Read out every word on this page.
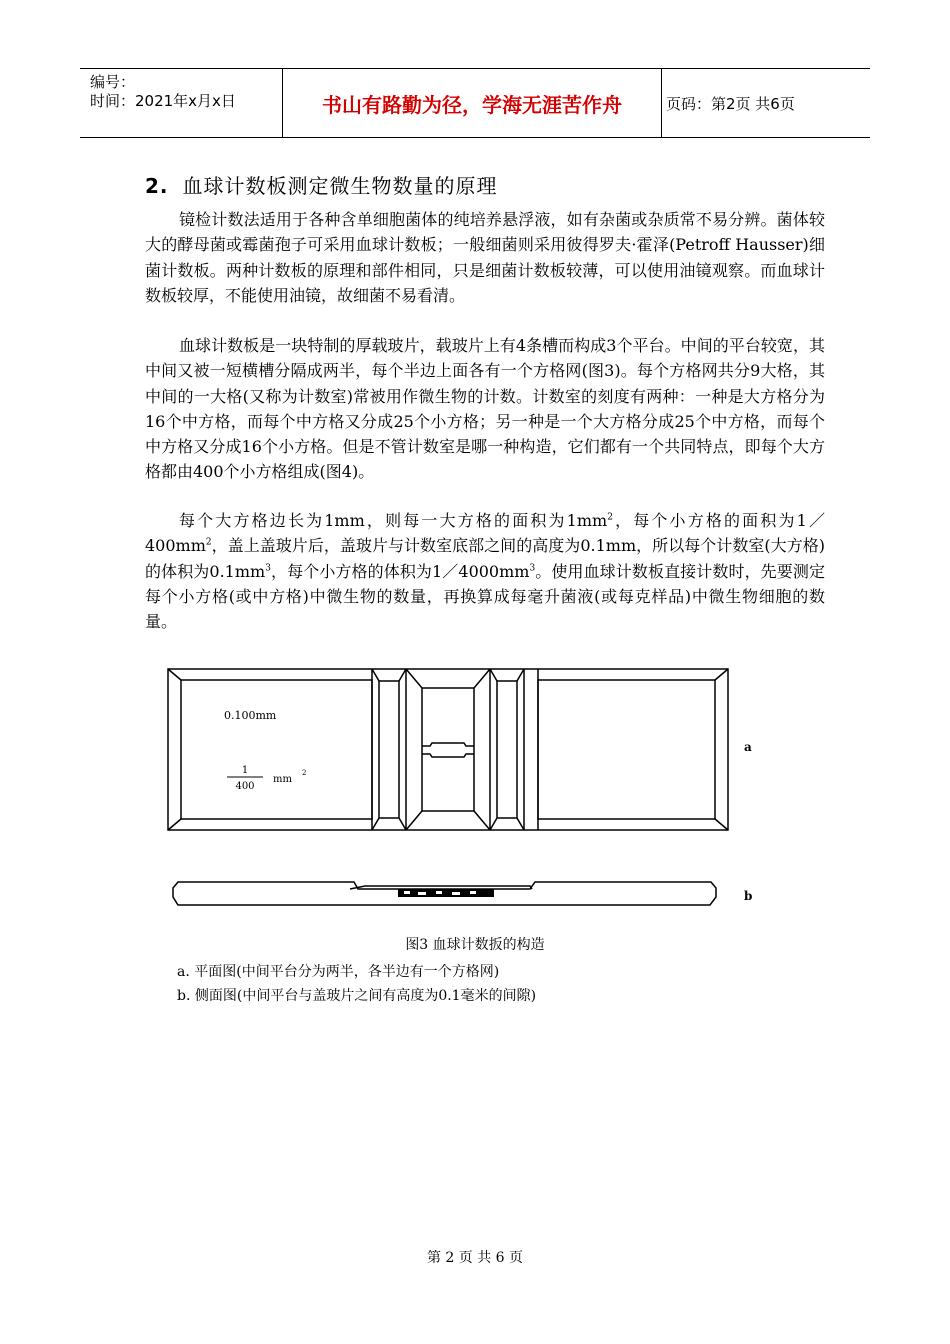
编号：
时间：2021年x月x日	书山有路勤为径，学海无涯苦作舟	页码：第2页 共6页
2. 血球计数板测定微生物数量的原理
镜检计数法适用于各种含单细胞菌体的纯培养悬浮液，如有杂菌或杂质常不易分辨。菌体较大的酵母菌或霉菌孢子可采用血球计数板；一般细菌则采用彼得罗夫·霍泽(Petroff Hausser)细菌计数板。两种计数板的原理和部件相同，只是细菌计数板较薄，可以使用油镜观察。而血球计数板较厚，不能使用油镜，故细菌不易看清。
血球计数板是一块特制的厚载玻片，载玻片上有4条槽而构成3个平台。中间的平台较宽，其中间又被一短横槽分隔成两半，每个半边上面各有一个方格网(图3)。每个方格网共分9大格，其中间的一大格(又称为计数室)常被用作微生物的计数。计数室的刻度有两种：一种是大方格分为16个中方格，而每个中方格又分成25个小方格；另一种是一个大方格分成25个中方格，而每个中方格又分成16个小方格。但是不管计数室是哪一种构造，它们都有一个共同特点，即每个大方格都由400个小方格组成(图4)。
每个大方格边长为1mm，则每一大方格的面积为$1mm^2$，每个小方格的面积为$1/400mm^2$，盖上盖玻片后，盖玻片与计数室底部之间的高度为0.1mm，所以每个计数室(大方格)的体积为$0.1mm^3$，每个小方格的体积为$1/4000mm^3$。使用血球计数板直接计数时，先要测定每个小方格(或中方格)中微生物的数量，再换算成每毫升菌液(或每克样品)中微生物细胞的数量。
0.100mm
1
400
mm
2
a
b
图3 血球计数扳的构造
a. 平面图(中间平台分为两半，各半边有一个方格网)
b. 侧面图(中间平台与盖玻片之间有高度为0.1毫米的间隙)
第 2 页 共 6 页
